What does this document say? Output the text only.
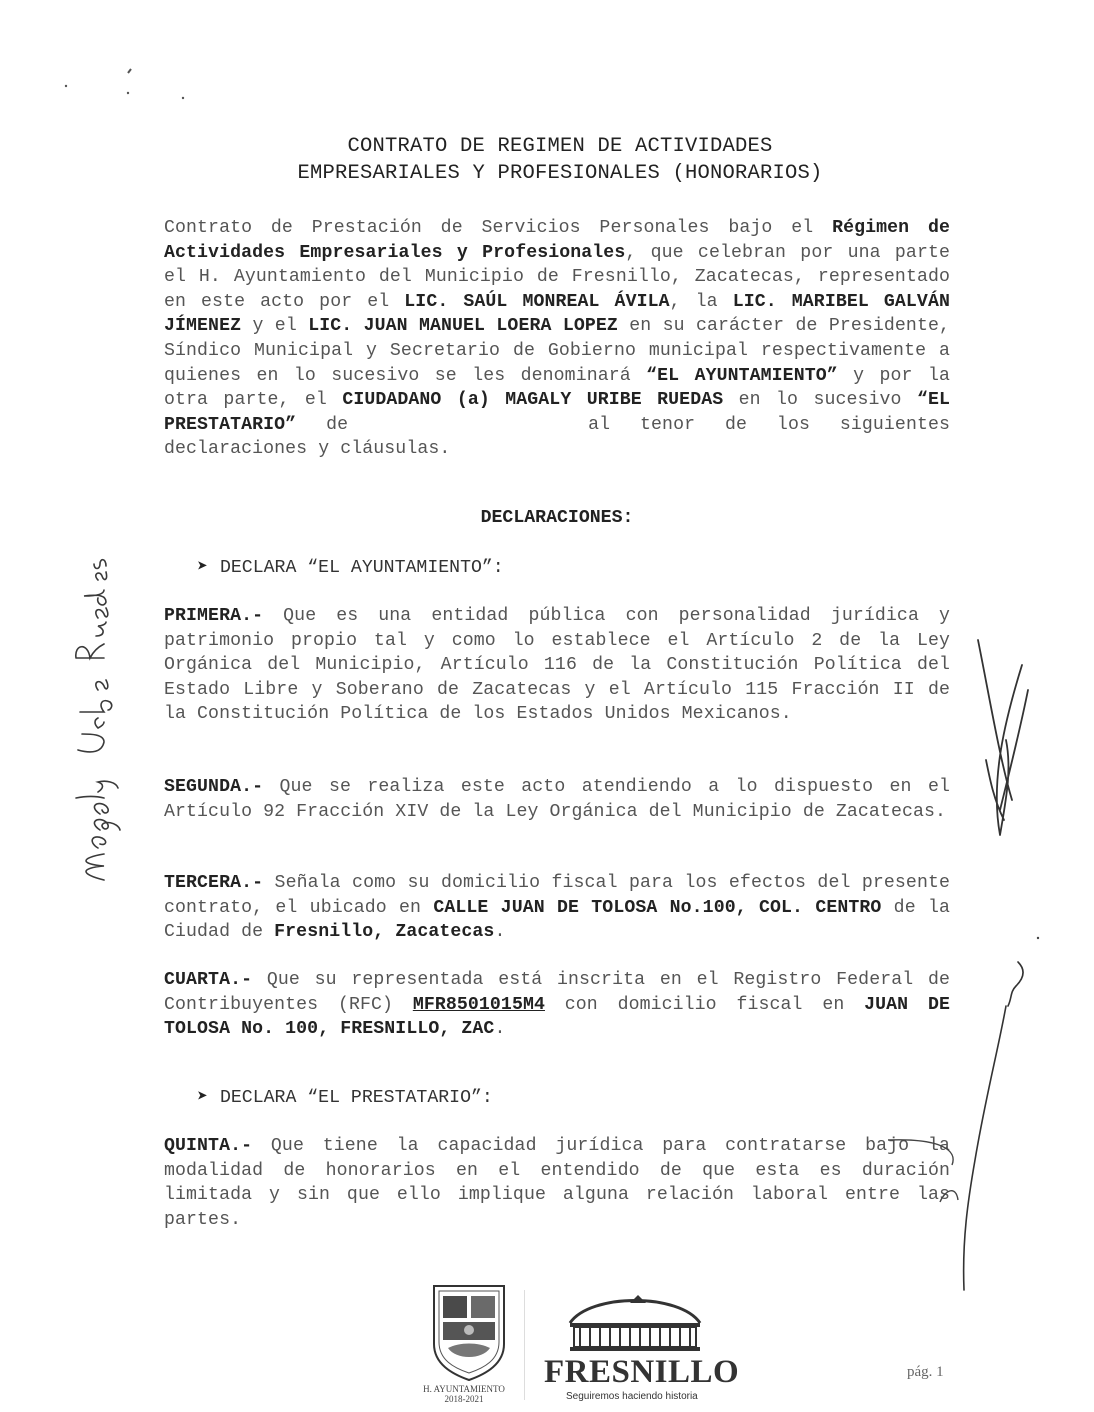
CONTRATO DE REGIMEN DE ACTIVIDADES
EMPRESARIALES Y PROFESIONALES (HONORARIOS)
Contrato de Prestación de Servicios Personales bajo el Régimen de Actividades Empresariales y Profesionales, que celebran por una parte el H. Ayuntamiento del Municipio de Fresnillo, Zacatecas, representado en este acto por el LIC. SAÚL MONREAL ÁVILA, la LIC. MARIBEL GALVÁN JÍMENEZ y el LIC. JUAN MANUEL LOERA LOPEZ en su carácter de Presidente, Síndico Municipal y Secretario de Gobierno municipal respectivamente a quienes en lo sucesivo se les denominará “EL AYUNTAMIENTO” y por la otra parte, el CIUDADANO (a) MAGALY URIBE RUEDAS en lo sucesivo “EL PRESTATARIO” de	al tenor de los siguientes declaraciones y cláusulas.
DECLARACIONES:
➤ DECLARA “EL AYUNTAMIENTO”:
PRIMERA.- Que es una entidad pública con personalidad jurídica y patrimonio propio tal y como lo establece el Artículo 2 de la Ley Orgánica del Municipio, Artículo 116 de la Constitución Política del Estado Libre y Soberano de Zacatecas y el Artículo 115 Fracción II de la Constitución Política de los Estados Unidos Mexicanos.
SEGUNDA.- Que se realiza este acto atendiendo a lo dispuesto en el Artículo 92 Fracción XIV de la Ley Orgánica del Municipio de Zacatecas.
TERCERA.- Señala como su domicilio fiscal para los efectos del presente contrato, el ubicado en CALLE JUAN DE TOLOSA No.100, COL. CENTRO de la Ciudad de Fresnillo, Zacatecas.
CUARTA.- Que su representada está inscrita en el Registro Federal de Contribuyentes (RFC) MFR8501015M4 con domicilio fiscal en JUAN DE TOLOSA No. 100, FRESNILLO, ZAC.
➤ DECLARA “EL PRESTATARIO”:
QUINTA.- Que tiene la capacidad jurídica para contratarse bajo la modalidad de honorarios en el entendido de que esta es duración limitada y sin que ello implique alguna relación laboral entre las partes.
H. AYUNTAMIENTO
2018-2021
FRESNILLO
Seguiremos haciendo historia
pág. 1
